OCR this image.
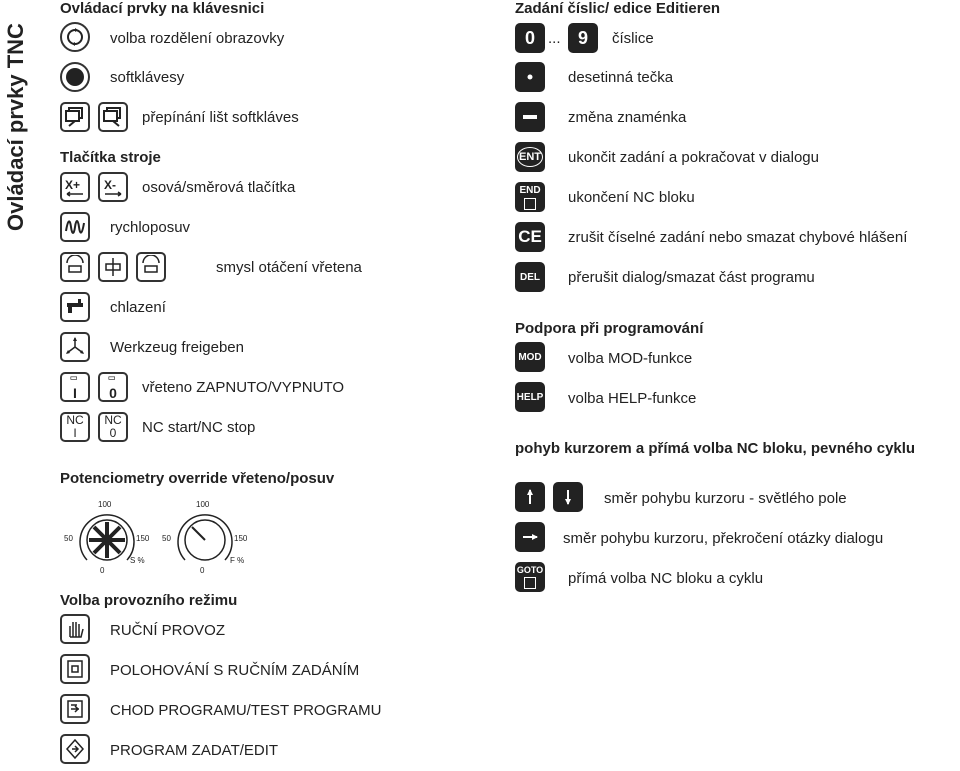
Ovládací prvky TNC
Ovládací prvky na klávesnici
volba rozdělení obrazovky
softklávesy
přepínání lišt softkláves
Tlačítka stroje
X+ X- osová/směrová tlačítka
rychloposuv
smysl otáčení vřetena
chlazení
Werkzeug freigeben
I 0 vřeteno ZAPNUTO/VYPNUTO
NC
I
NC
0 NC start/NC stop
Potenciometry override vřeteno/posuv
100
50	150
0
S %
100
50	150
0
F %
Volba provozního režimu
RUČNÍ PROVOZ
POLOHOVÁNÍ S RUČNÍM ZADÁNÍM
CHOD PROGRAMU/TEST PROGRAMU
PROGRAM ZADAT/EDIT
Zadání číslic/ edice Editieren
0 ... 9	číslice
desetinná tečka
změna znaménka
ENT ukončit zadání a pokračovat v dialogu
END ukončení NC bloku
CE zrušit číselné zadání nebo smazat chybové hlášení
DEL	přerušit dialog/smazat část programu
Podpora při programování
MOD volba MOD-funkce
HELP volba HELP-funkce
pohyb kurzorem a přímá volba NC bloku, pevného cyklu
směr pohybu kurzoru - světlého pole
směr pohybu kurzoru, překročení otázky dialogu
GOTO přímá volba NC bloku a cyklu
